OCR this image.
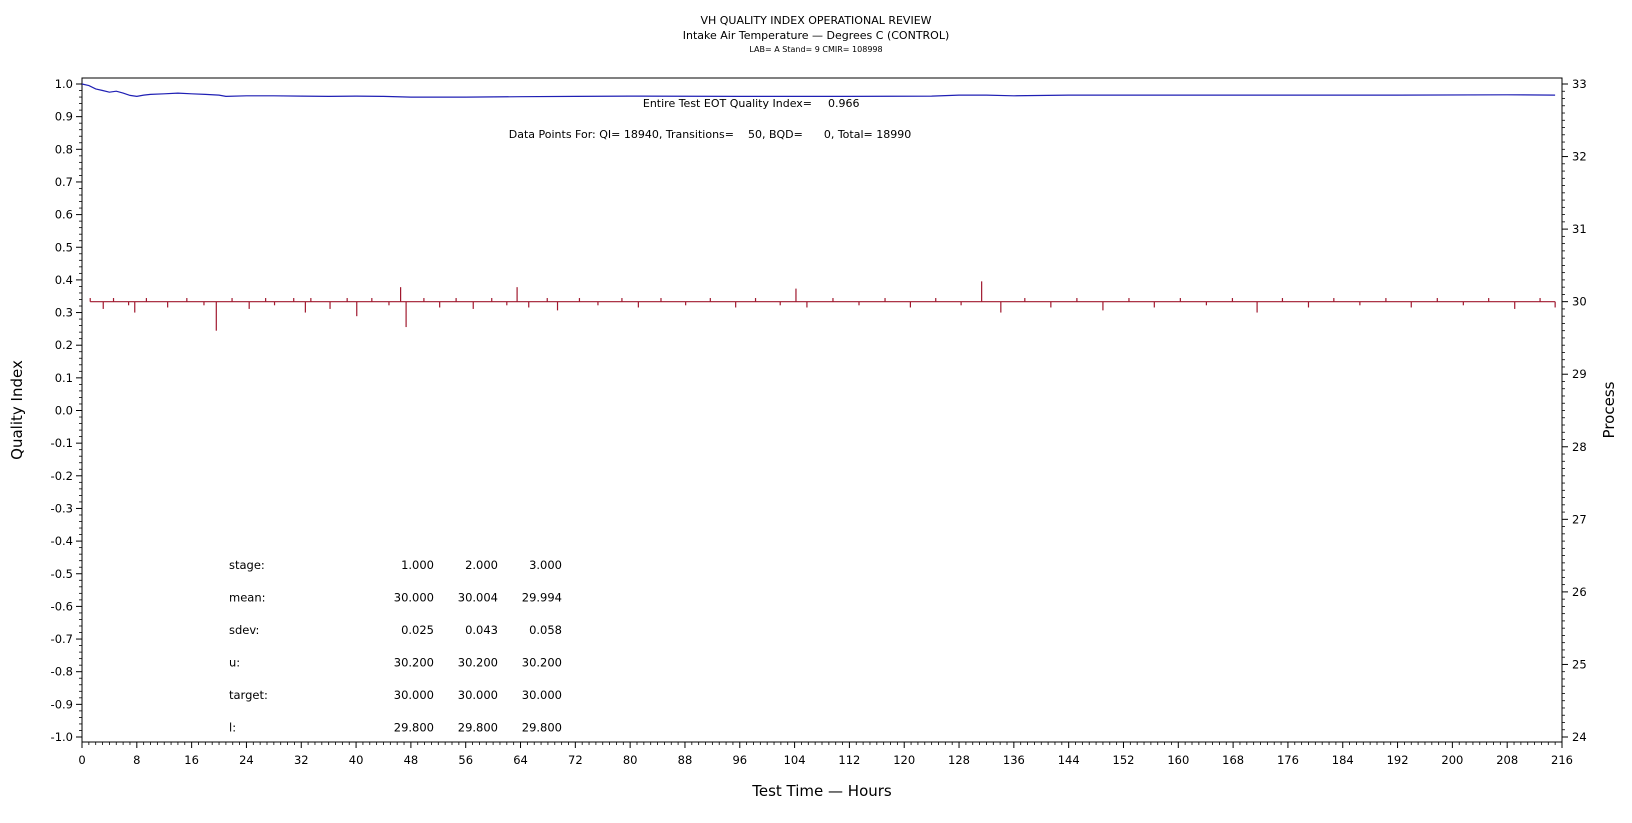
VH QUALITY INDEX OPERATIONAL REVIEW
Intake Air Temperature — Degrees C (CONTROL)
LAB= A Stand= 9 CMIR= 108998
1.0
0.9
0.8
0.7
0.6
0.5
0.4
0.3
0.2
0.1
0.0
-0.1
-0.2
-0.3
-0.4
-0.5
-0.6
-0.7
-0.8
-0.9
-1.0
33
32
31
30
29
28
27
26
25
24
0	8	16	24	32	40	48	56	64	72	80	88	96	104	112	120	128	136	144	152	160	168	176	184	192	200	208	216
Quality Index	Process
Test Time — Hours
Entire Test EOT Quality Index= 0.966
Data Points For: QI= 18940, Transitions=    50, BQD=      0, Total= 18990
stage:	1.000	2.000	3.000
mean:	30.000 30.004 29.994
sdev:	0.025	0.043	0.058
u:	30.200 30.200 30.200
target:	30.000 30.000 30.000
l:	29.800 29.800 29.800
